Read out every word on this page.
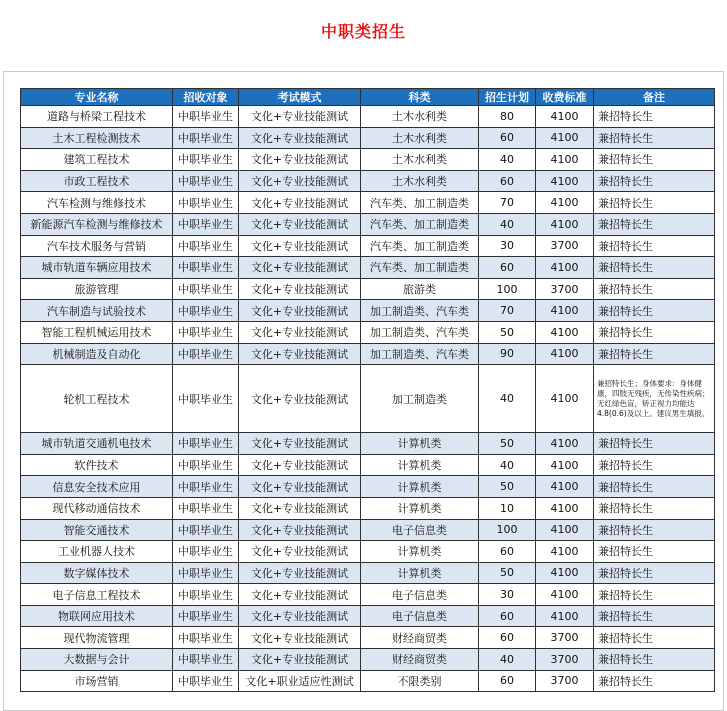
中职类招生
专业名称	招收对象	考试模式	科类	招生计划	收费标准	备注
道路与桥梁工程技术	中职毕业生	文化+专业技能测试	土木水利类	80	4100	兼招特长生
土木工程检测技术	中职毕业生	文化+专业技能测试	土木水利类	60	4100	兼招特长生
建筑工程技术	中职毕业生	文化+专业技能测试	土木水利类	40	4100	兼招特长生
市政工程技术	中职毕业生	文化+专业技能测试	土木水利类	60	4100	兼招特长生
汽车检测与维修技术	中职毕业生	文化+专业技能测试	汽车类、加工制造类	70	4100	兼招特长生
新能源汽车检测与维修技术	中职毕业生	文化+专业技能测试	汽车类、加工制造类	40	4100	兼招特长生
汽车技术服务与营销	中职毕业生	文化+专业技能测试	汽车类、加工制造类	30	3700	兼招特长生
城市轨道车辆应用技术	中职毕业生	文化+专业技能测试	汽车类、加工制造类	60	4100	兼招特长生
旅游管理	中职毕业生	文化+专业技能测试	旅游类	100	3700	兼招特长生
汽车制造与试验技术	中职毕业生	文化+专业技能测试	加工制造类、汽车类	70	4100	兼招特长生
智能工程机械运用技术	中职毕业生	文化+专业技能测试	加工制造类、汽车类	50	4100	兼招特长生
机械制造及自动化	中职毕业生	文化+专业技能测试	加工制造类、汽车类	90	4100	兼招特长生
轮机工程技术	中职毕业生	文化+专业技能测试	加工制造类	40	4100	兼招特长生；身体要求：身体健康，四肢无残疾，无传染性疾病；无红绿色盲，矫正视力均能达4.8(0.6)及以上。建议男生填报。
城市轨道交通机电技术	中职毕业生	文化+专业技能测试	计算机类	50	4100	兼招特长生
软件技术	中职毕业生	文化+专业技能测试	计算机类	40	4100	兼招特长生
信息安全技术应用	中职毕业生	文化+专业技能测试	计算机类	50	4100	兼招特长生
现代移动通信技术	中职毕业生	文化+专业技能测试	计算机类	10	4100	兼招特长生
智能交通技术	中职毕业生	文化+专业技能测试	电子信息类	100	4100	兼招特长生
工业机器人技术	中职毕业生	文化+专业技能测试	计算机类	60	4100	兼招特长生
数字媒体技术	中职毕业生	文化+专业技能测试	计算机类	50	4100	兼招特长生
电子信息工程技术	中职毕业生	文化+专业技能测试	电子信息类	30	4100	兼招特长生
物联网应用技术	中职毕业生	文化+专业技能测试	电子信息类	60	4100	兼招特长生
现代物流管理	中职毕业生	文化+专业技能测试	财经商贸类	60	3700	兼招特长生
大数据与会计	中职毕业生	文化+专业技能测试	财经商贸类	40	3700	兼招特长生
市场营销	中职毕业生	文化+职业适应性测试	不限类别	60	3700	兼招特长生
